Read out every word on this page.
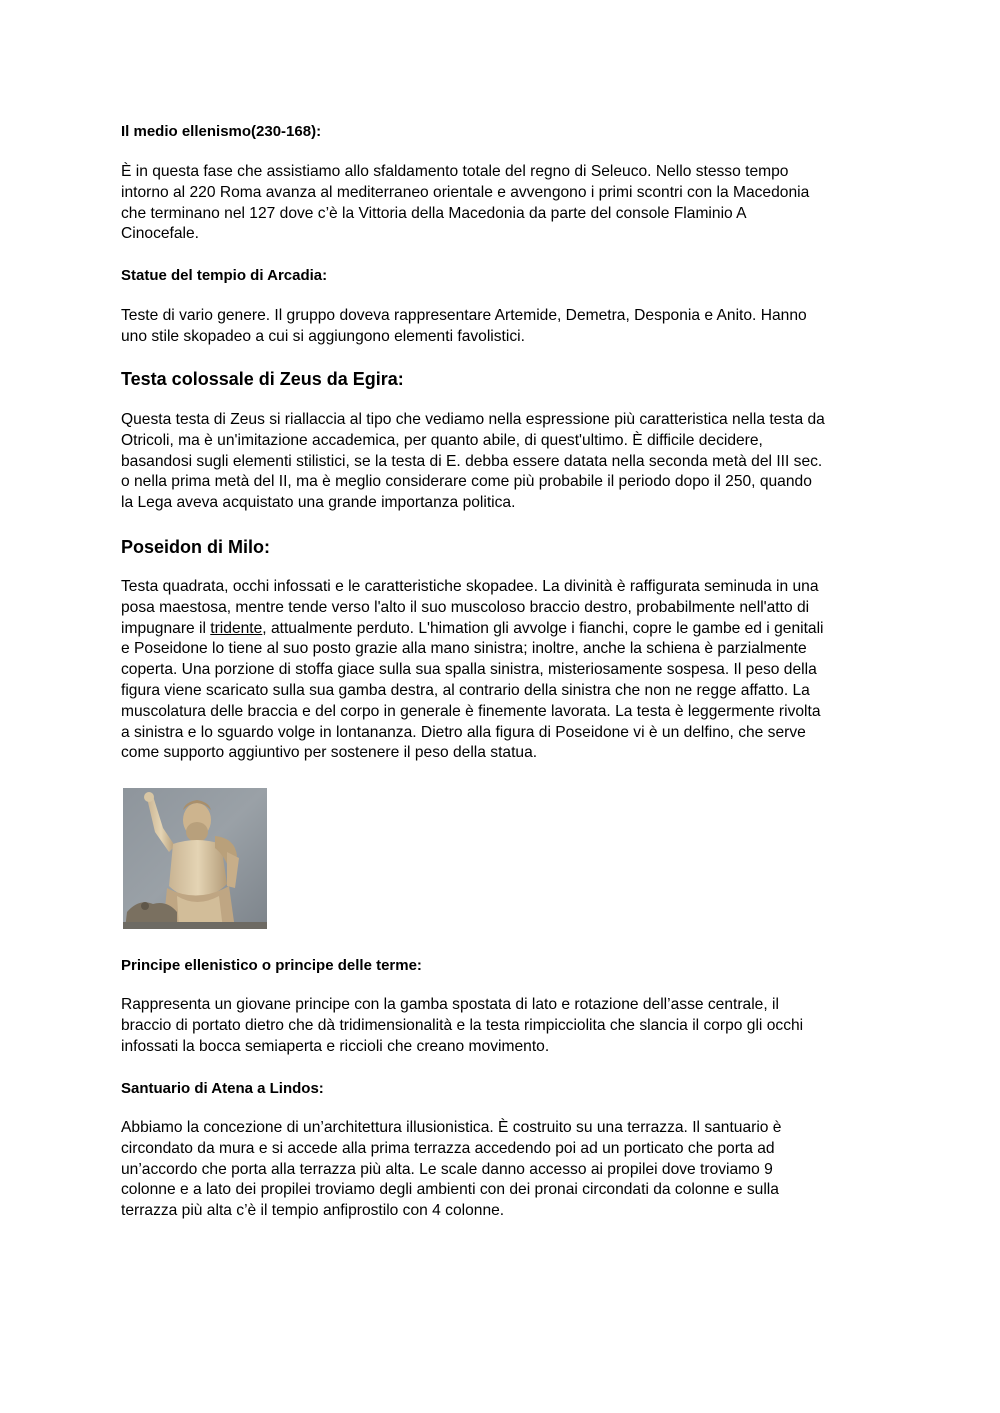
Il medio ellenismo(230-168):
È in questa fase che assistiamo allo sfaldamento totale del regno di Seleuco. Nello stesso tempo
intorno al 220 Roma avanza al mediterraneo orientale e avvengono i primi scontri con la Macedonia
che terminano nel 127 dove c’è la Vittoria della Macedonia da parte del console Flaminio A
Cinocefale.
Statue del tempio di Arcadia:
Teste di vario genere. Il gruppo doveva rappresentare Artemide, Demetra, Desponia e Anito. Hanno
uno stile skopadeo a cui si aggiungono elementi favolistici.
Testa colossale di Zeus da Egira:
Questa testa di Zeus si riallaccia al tipo che vediamo nella espressione più caratteristica nella testa da
Otricoli, ma è un'imitazione accademica, per quanto abile, di quest'ultimo. È difficile decidere,
basandosi sugli elementi stilistici, se la testa di E. debba essere datata nella seconda metà del III sec.
o nella prima metà del II, ma è meglio considerare come più probabile il periodo dopo il 250, quando
la Lega aveva acquistato una grande importanza politica.
Poseidon di Milo:
Testa quadrata, occhi infossati e le caratteristiche skopadee. La divinità è raffigurata seminuda in una
posa maestosa, mentre tende verso l'alto il suo muscoloso braccio destro, probabilmente nell'atto di
impugnare il tridente, attualmente perduto. L'himation gli avvolge i fianchi, copre le gambe ed i genitali
e Poseidone lo tiene al suo posto grazie alla mano sinistra; inoltre, anche la schiena è parzialmente
coperta. Una porzione di stoffa giace sulla sua spalla sinistra, misteriosamente sospesa. Il peso della
figura viene scaricato sulla sua gamba destra, al contrario della sinistra che non ne regge affatto. La
muscolatura delle braccia e del corpo in generale è finemente lavorata. La testa è leggermente rivolta
a sinistra e lo sguardo volge in lontananza. Dietro alla figura di Poseidone vi è un delfino, che serve
come supporto aggiuntivo per sostenere il peso della statua.
Principe ellenistico o principe delle terme:
Rappresenta un giovane principe con la gamba spostata di lato e rotazione dell’asse centrale, il
braccio di portato dietro che dà tridimensionalità e la testa rimpicciolita che slancia il corpo gli occhi
infossati la bocca semiaperta e riccioli che creano movimento.
Santuario di Atena a Lindos:
Abbiamo la concezione di un’architettura illusionistica. È costruito su una terrazza. Il santuario è
circondato da mura e si accede alla prima terrazza accedendo poi ad un porticato che porta ad
un’accordo che porta alla terrazza più alta. Le scale danno accesso ai propilei dove troviamo 9
colonne e a lato dei propilei troviamo degli ambienti con dei pronai circondati da colonne e sulla
terrazza più alta c’è il tempio anfiprostilo con 4 colonne.
